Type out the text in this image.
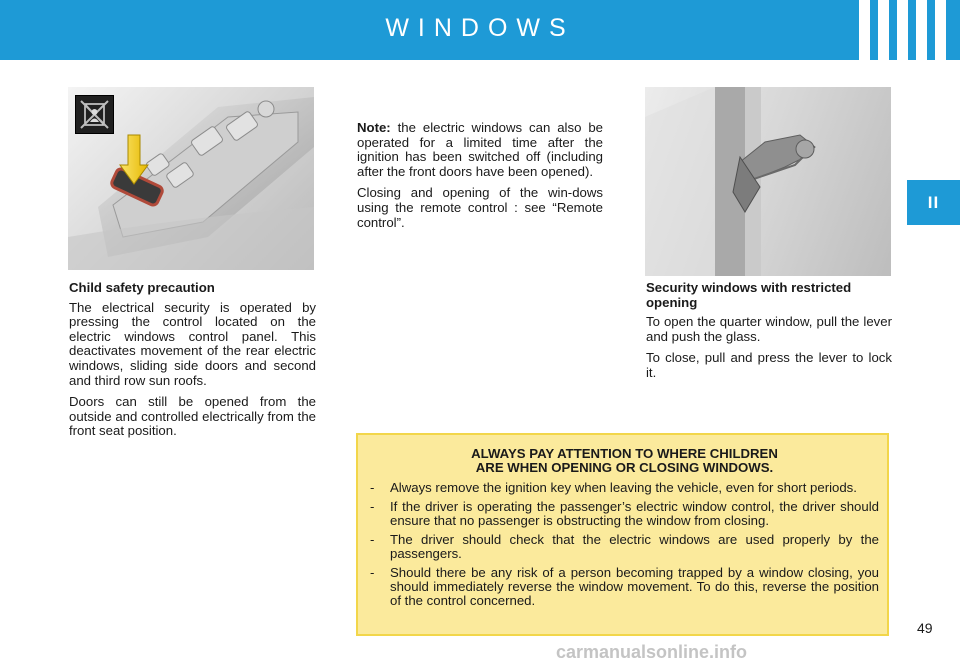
WINDOWS
II
Child safety precaution

The electrical security is operated by pressing the control located on the electric windows control panel. This deactivates movement of the rear electric windows, sliding side doors and second and third row sun roofs.

Doors can still be opened from the outside and controlled electrically from the front seat position.

Note: the electric windows can also be operated for a limited time after the ignition has been switched off (including after the front doors have been opened).

Closing and opening of the win-dows using the remote control : see “Remote control”.

Security windows with restricted opening

To open the quarter window, pull the lever and push the glass.

To close, pull and press the lever to lock it.

ALWAYS PAY ATTENTION TO WHERE CHILDREN
ARE WHEN OPENING OR CLOSING WINDOWS.
- Always remove the ignition key when leaving the vehicle, even for short periods.
- If the driver is operating the passenger’s electric window control, the driver should ensure that no passenger is obstructing the window from closing.
- The driver should check that the electric windows are used properly by the passengers.
- Should there be any risk of a person becoming trapped by a window closing, you should immediately reverse the window movement. To do this, reverse the position of the control concerned.
49
carmanualsonline.info
